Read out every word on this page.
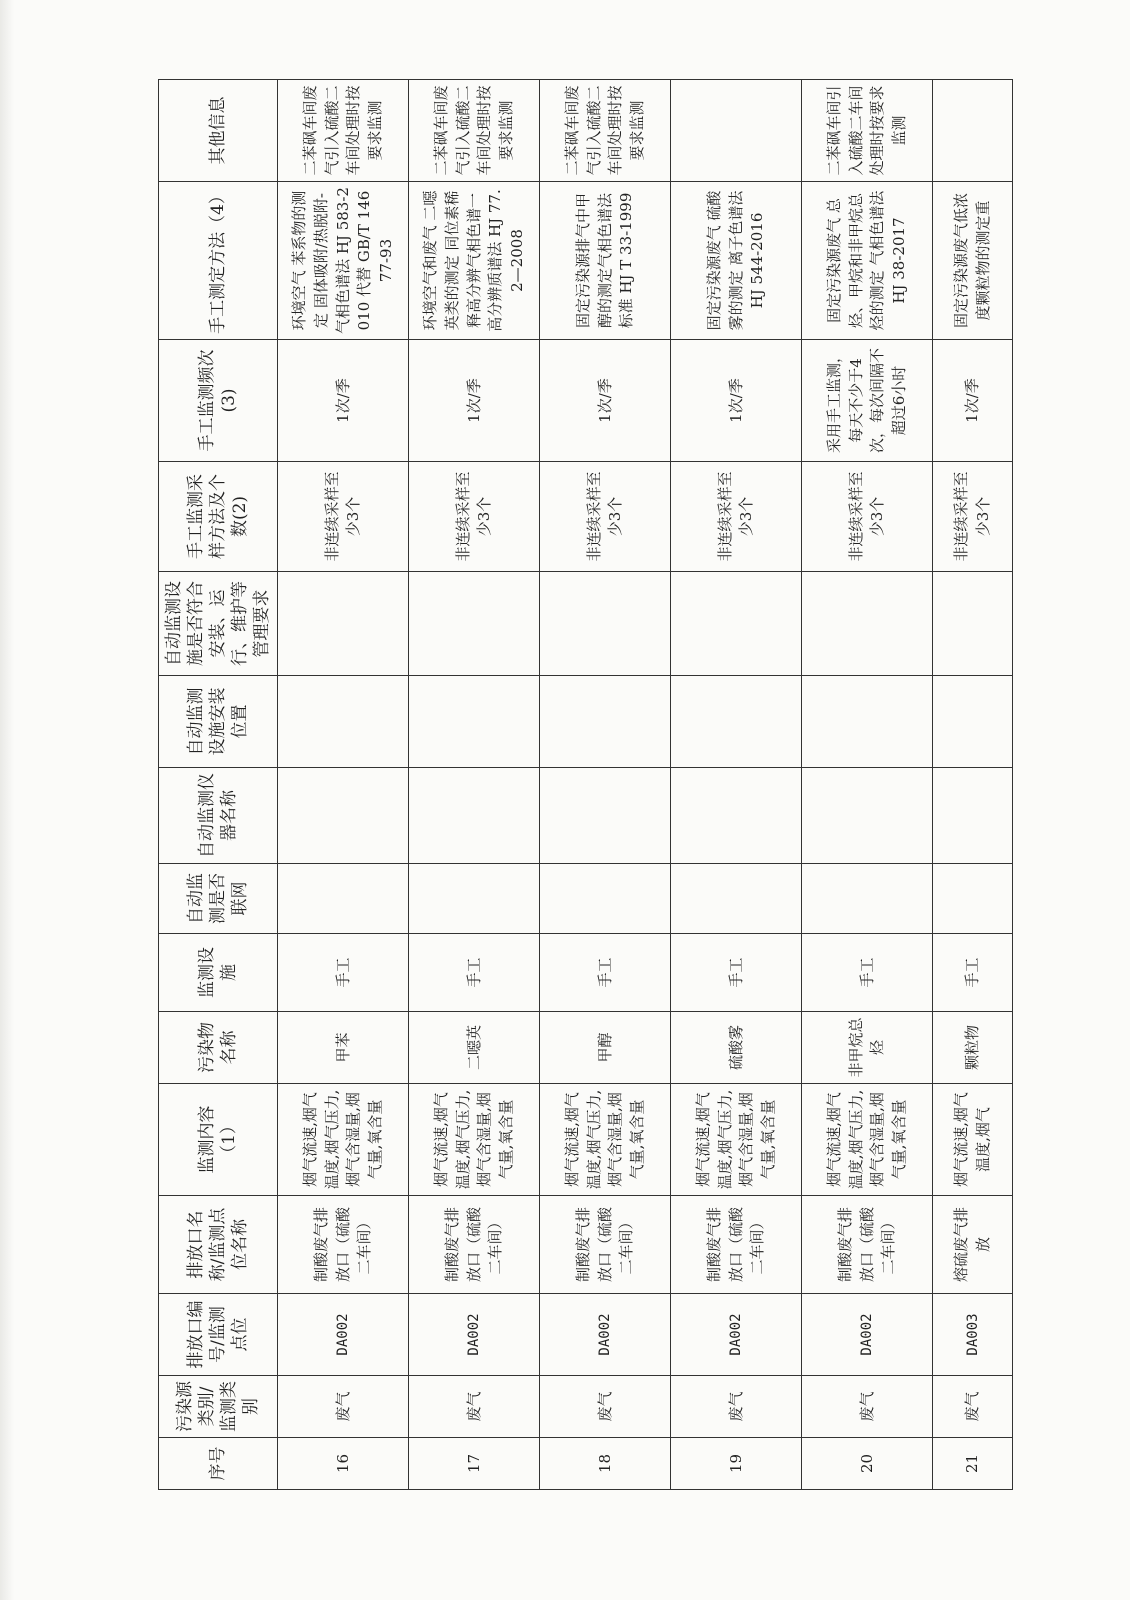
序号	污染源类别/监测类别	排放口编号/监测点位	排放口名称/监测点位名称	监测内容（1）	污染物名称	监测设施	自动监测是否联网	自动监测仪器名称	自动监测设施安装位置	自动监测设施是否符合安装、运行、维护等管理要求	手工监测采样方法及个数(2)	手工监测频次(3)	手工测定方法（4）	其他信息
16	废气	DA002	制酸废气排放口（硫酸二车间）	烟气流速,烟气温度,烟气压力,烟气含湿量,烟气量,氧含量	甲苯	手工					非连续采样至少3个	1次/季	环境空气 苯系物的测定 固体吸附/热脱附-气相色谱法 HJ 583-2010 代替 GB/T 14677-93	二苯砜车间废气引入硫酸二车间处理时按要求监测
17	废气	DA002	制酸废气排放口（硫酸二车间）	烟气流速,烟气温度,烟气压力,烟气含湿量,烟气量,氧含量	二噁英	手工					非连续采样至少3个	1次/季	环境空气和废气 二噁英类的测定 同位素稀释高分辨气相色谱一高分辨质谱法 HJ 77.2—2008	二苯砜车间废气引入硫酸二车间处理时按要求监测
18	废气	DA002	制酸废气排放口（硫酸二车间）	烟气流速,烟气温度,烟气压力,烟气含湿量,烟气量,氧含量	甲醇	手工					非连续采样至少3个	1次/季	固定污染源排气中甲醇的测定气相色谱法 标准 HJ T 33-1999	二苯砜车间废气引入硫酸二车间处理时按要求监测
19	废气	DA002	制酸废气排放口（硫酸二车间）	烟气流速,烟气温度,烟气压力,烟气含湿量,烟气量,氧含量	硫酸雾	手工					非连续采样至少3个	1次/季	固定污染源废气 硫酸雾的测定 离子色谱法 HJ 544-2016	
20	废气	DA002	制酸废气排放口（硫酸二车间）	烟气流速,烟气温度,烟气压力,烟气含湿量,烟气量,氧含量	非甲烷总烃	手工					非连续采样至少3个	采用手工监测，每天不少于4次，每次间隔不超过6小时	固定污染源废气 总烃、甲烷和非甲烷总烃的测定 气相色谱法 HJ 38-2017	二苯砜车间引入硫酸二车间处理时按要求监测
21	废气	DA003	熔硫废气排放	烟气流速,烟气温度,烟气	颗粒物	手工					非连续采样至少3个	1次/季	固定污染源废气低浓度颗粒物的测定重	
